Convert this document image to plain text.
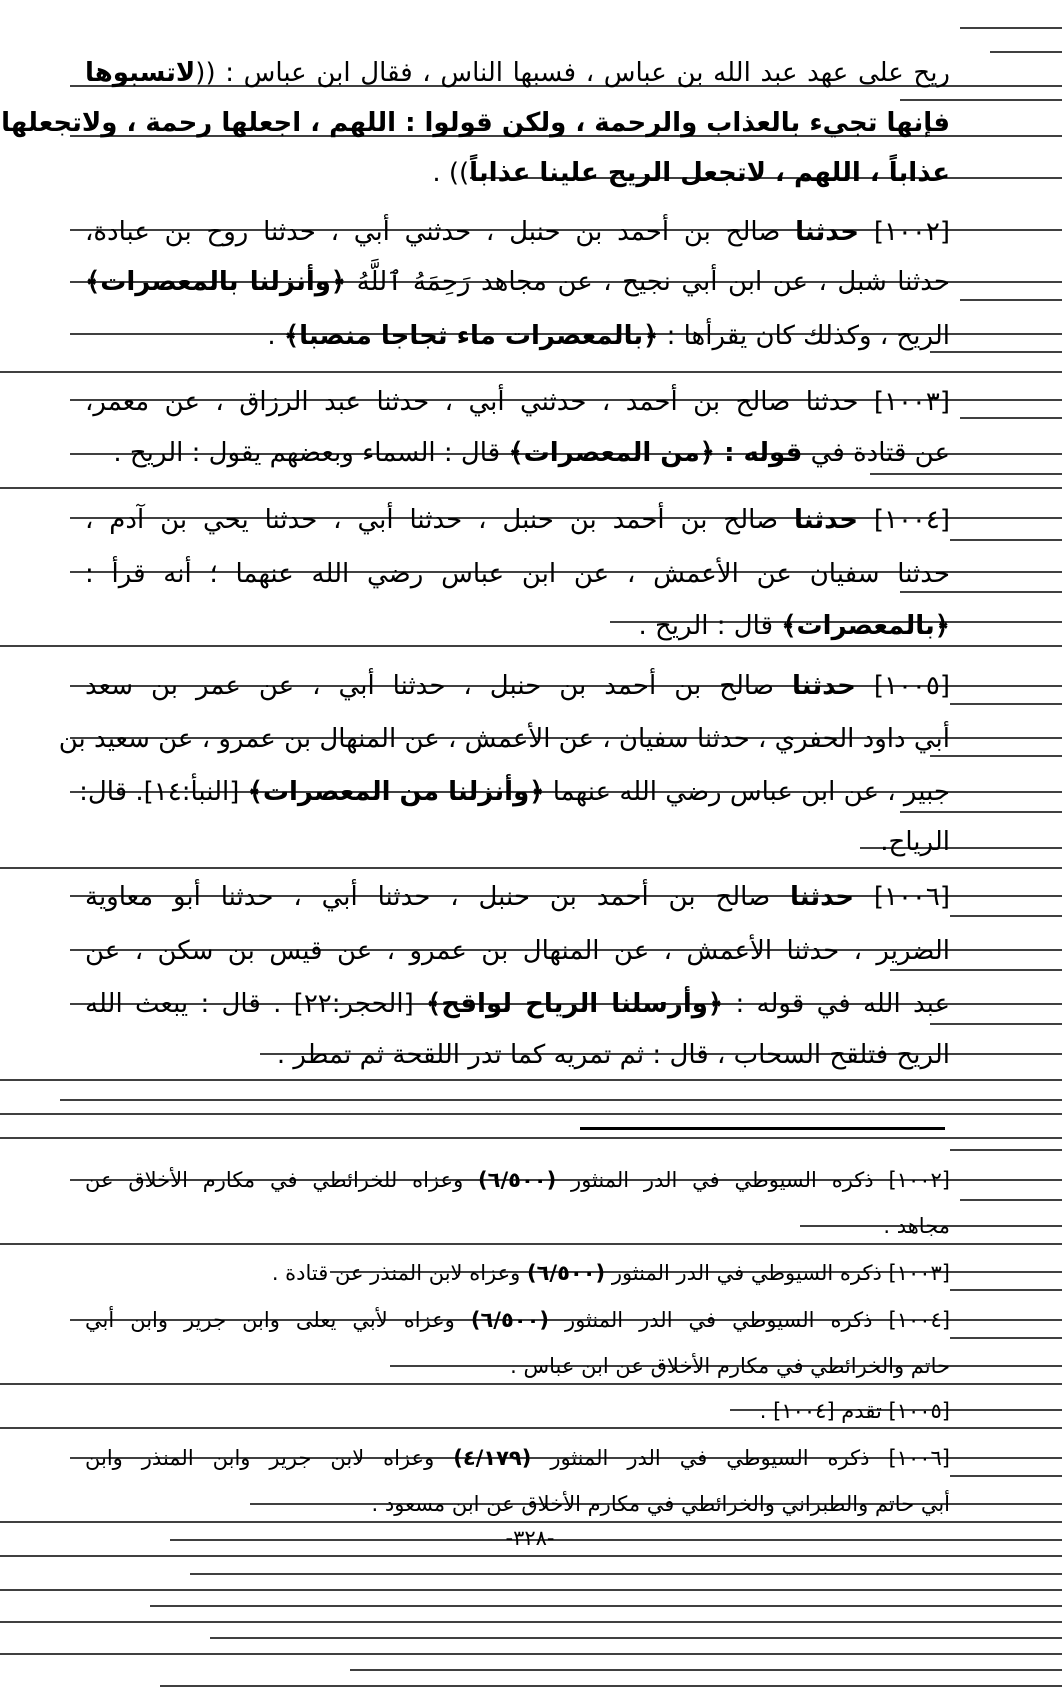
ريح على عهد عبد الله بن عباس ، فسبها الناس ، فقال ابن عباس : ((لاتسبوها
فإنها تجيء بالعذاب والرحمة ، ولكن قولوا : اللهم ، اجعلها رحمة ، ولاتجعلها
عذاباً ، اللهم ، لاتجعل الريح علينا عذاباً)) .
[١٠٠٢] حدثنا صالح بن أحمد بن حنبل ، حدثني أبي ، حدثنا روح بن عبادة،
حدثنا شبل ، عن ابن أبي نجيح ، عن مجاهد رَحِمَهُ ٱللَّهُ ﴿وأنزلنا بالمعصرات﴾
الريح ، وكذلك كان يقرأها : ﴿بالمعصرات ماء ثجاجا منصبا﴾ .
[١٠٠٣] حدثنا صالح بن أحمد ، حدثني أبي ، حدثنا عبد الرزاق ، عن معمر،
عن قتادة في قوله : ﴿من المعصرات﴾ قال : السماء وبعضهم يقول : الريح .
[١٠٠٤] حدثنا صالح بن أحمد بن حنبل ، حدثنا أبي ، حدثنا يحي بن آدم ،
حدثنا سفيان عن الأعمش ، عن ابن عباس رضي الله عنهما ؛ أنه قرأ :
﴿بالمعصرات﴾ قال : الريح .
[١٠٠٥] حدثنا صالح بن أحمد بن حنبل ، حدثنا أبي ، عن عمر بن سعد
أبي داود الحفري ، حدثنا سفيان ، عن الأعمش ، عن المنهال بن عمرو ، عن سعيد بن
جبير ، عن ابن عباس رضي الله عنهما ﴿وأنزلنا من المعصرات﴾ [النبأ:١٤]. قال:
الرياح.
[١٠٠٦] حدثنا صالح بن أحمد بن حنبل ، حدثنا أبي ، حدثنا أبو معاوية
الضرير ، حدثنا الأعمش ، عن المنهال بن عمرو ، عن قيس بن سكن ، عن
عبد الله في قوله : ﴿وأرسلنا الرياح لواقح﴾ [الحجر:٢٢] . قال : يبعث الله
الريح فتلقح السحاب ، قال : ثم تمريه كما تدر اللقحة ثم تمطر .
[١٠٠٢] ذكره السيوطي في الدر المنثور (٦/٥٠٠) وعزاه للخرائطي في مكارم الأخلاق عن
مجاهد .
[١٠٠٣] ذكره السيوطي في الدر المنثور (٦/٥٠٠) وعزاه لابن المنذر عن قتادة .
[١٠٠٤] ذكره السيوطي في الدر المنثور (٦/٥٠٠) وعزاه لأبي يعلى وابن جرير وابن أبي
حاتم والخرائطي في مكارم الأخلاق عن ابن عباس .
[١٠٠٥] تقدم [١٠٠٤] .
[١٠٠٦] ذكره السيوطي في الدر المنثور (٤/١٧٩) وعزاه لابن جرير وابن المنذر وابن
أبي حاتم والطبراني والخرائطي في مكارم الأخلاق عن ابن مسعود .
-٣٢٨-
